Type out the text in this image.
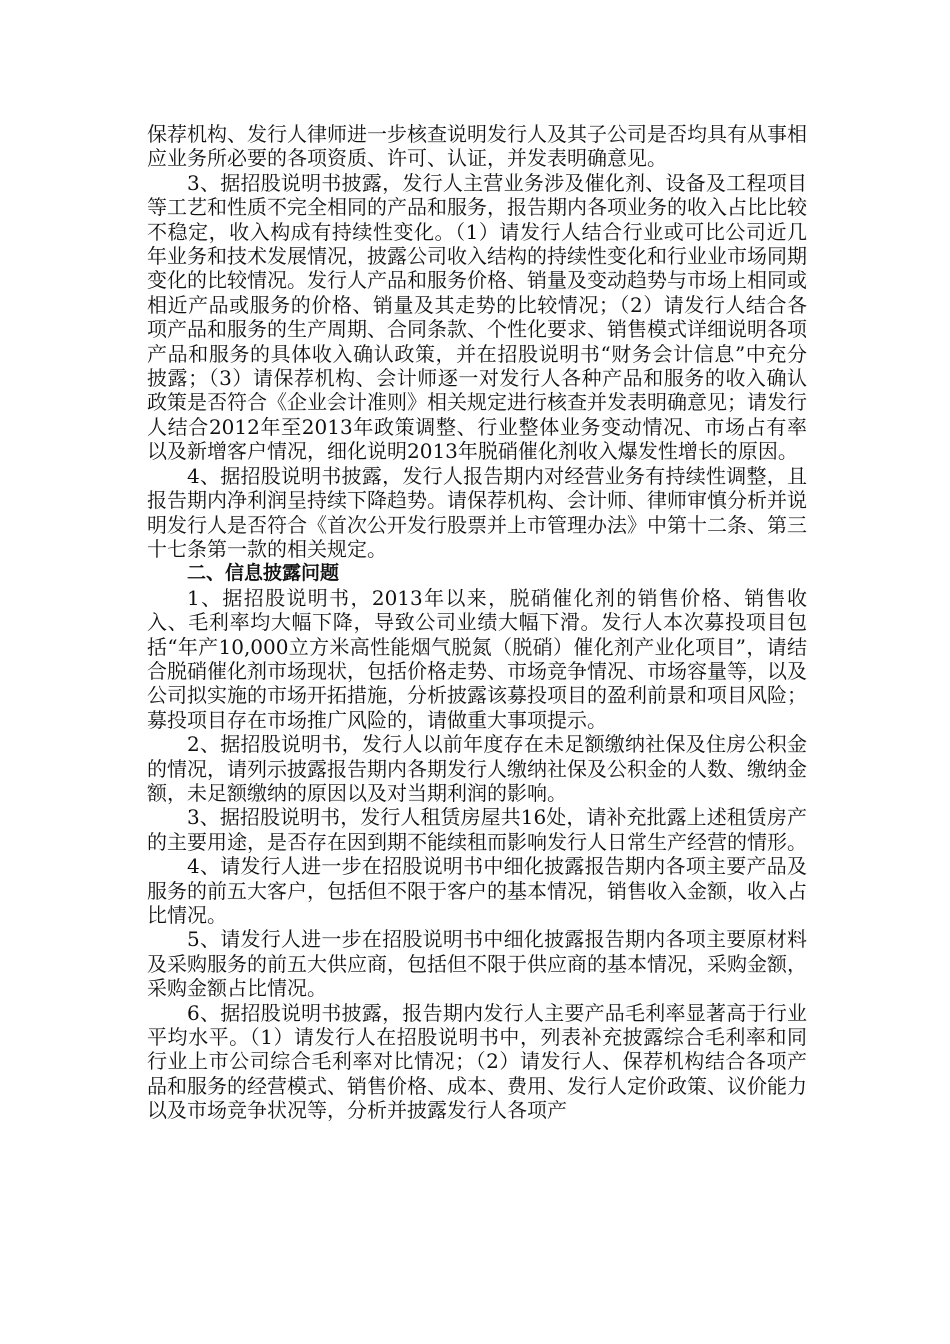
保荐机构、发行人律师进一步核查说明发行人及其子公司是否均具有从事相应业务所必要的各项资质、许可、认证，并发表明确意见。

3、据招股说明书披露，发行人主营业务涉及催化剂、设备及工程项目等工艺和性质不完全相同的产品和服务，报告期内各项业务的收入占比比较不稳定，收入构成有持续性变化。（1）请发行人结合行业或可比公司近几年业务和技术发展情况，披露公司收入结构的持续性变化和行业业市场同期变化的比较情况。发行人产品和服务价格、销量及变动趋势与市场上相同或相近产品或服务的价格、销量及其走势的比较情况；（2）请发行人结合各项产品和服务的生产周期、合同条款、个性化要求、销售模式详细说明各项产品和服务的具体收入确认政策，并在招股说明书“财务会计信息”中充分披露；（3）请保荐机构、会计师逐一对发行人各种产品和服务的收入确认政策是否符合《企业会计准则》相关规定进行核查并发表明确意见；请发行人结合2012年至2013年政策调整、行业整体业务变动情况、市场占有率以及新增客户情况，细化说明2013年脱硝催化剂收入爆发性增长的原因。

4、据招股说明书披露，发行人报告期内对经营业务有持续性调整，且报告期内净利润呈持续下降趋势。请保荐机构、会计师、律师审慎分析并说明发行人是否符合《首次公开发行股票并上市管理办法》中第十二条、第三十七条第一款的相关规定。

二、信息披露问题

1、据招股说明书，2013年以来，脱硝催化剂的销售价格、销售收入、毛利率均大幅下降，导致公司业绩大幅下滑。发行人本次募投项目包括“年产10,000立方米高性能烟气脱氮（脱硝）催化剂产业化项目”，请结合脱硝催化剂市场现状，包括价格走势、市场竞争情况、市场容量等，以及公司拟实施的市场开拓措施，分析披露该募投项目的盈利前景和项目风险；募投项目存在市场推广风险的，请做重大事项提示。

2、据招股说明书，发行人以前年度存在未足额缴纳社保及住房公积金的情况，请列示披露报告期内各期发行人缴纳社保及公积金的人数、缴纳金额，未足额缴纳的原因以及对当期利润的影响。

3、据招股说明书，发行人租赁房屋共16处，请补充批露上述租赁房产的主要用途，是否存在因到期不能续租而影响发行人日常生产经营的情形。

4、请发行人进一步在招股说明书中细化披露报告期内各项主要产品及服务的前五大客户，包括但不限于客户的基本情况，销售收入金额，收入占比情况。

5、请发行人进一步在招股说明书中细化披露报告期内各项主要原材料及采购服务的前五大供应商，包括但不限于供应商的基本情况，采购金额，采购金额占比情况。

6、据招股说明书披露，报告期内发行人主要产品毛利率显著高于行业平均水平。（1）请发行人在招股说明书中，列表补充披露综合毛利率和同行业上市公司综合毛利率对比情况；（2）请发行人、保荐机构结合各项产品和服务的经营模式、销售价格、成本、费用、发行人定价政策、议价能力以及市场竞争状况等，分析并披露发行人各项产
